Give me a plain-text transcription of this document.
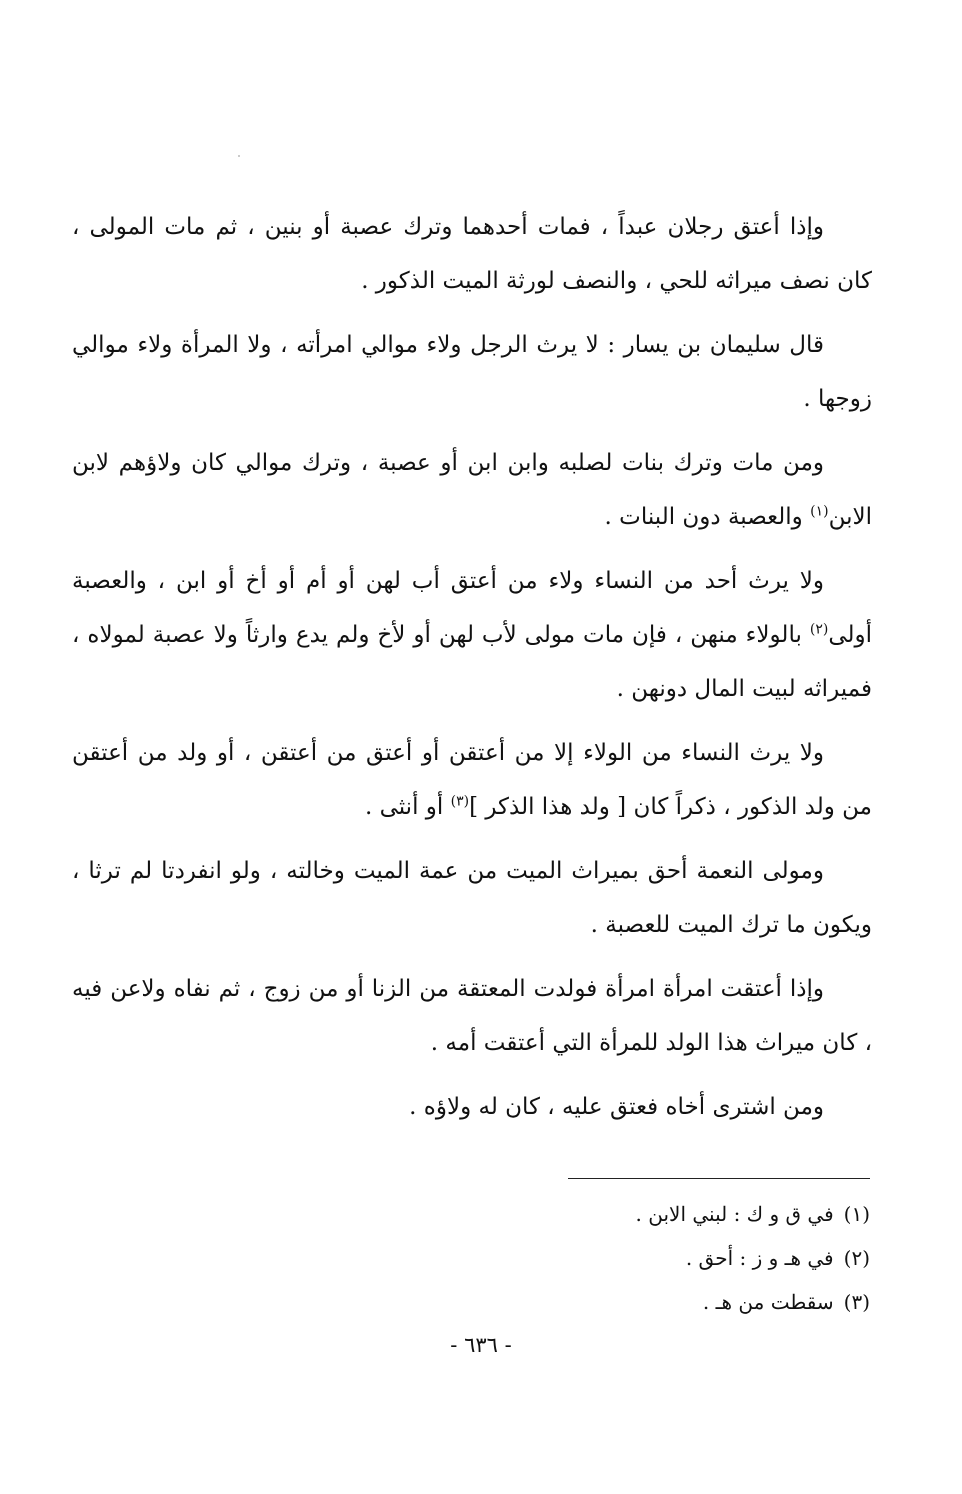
وإذا أعتق رجلان عبداً ، فمات أحدهما وترك عصبة أو بنين ، ثم مات المولى ، كان نصف ميراثه للحي ، والنصف لورثة الميت الذكور .

قال سليمان بن يسار : لا يرث الرجل ولاء موالي امرأته ، ولا المرأة ولاء موالي زوجها .

ومن مات وترك بنات لصلبه وابن ابن أو عصبة ، وترك موالي كان ولاؤهم لابن الابن$^{(١)}$ والعصبة دون البنات .

ولا يرث أحد من النساء ولاء من أعتق أب لهن أو أم أو أخ أو ابن ، والعصبة أولى$^{(٢)}$ بالولاء منهن ، فإن مات مولى لأب لهن أو لأخ ولم يدع وارثاً ولا عصبة لمولاه ، فميراثه لبيت المال دونهن .

ولا يرث النساء من الولاء إلا من أعتقن أو أعتق من أعتقن ، أو ولد من أعتقن من ولد الذكور ، ذكراً كان [ ولد هذا الذكر ]$^{(٣)}$ أو أنثى .

ومولى النعمة أحق بميراث الميت من عمة الميت وخالته ، ولو انفردتا لم ترثا ، ويكون ما ترك الميت للعصبة .

وإذا أعتقت امرأة امرأة فولدت المعتقة من الزنا أو من زوج ، ثم نفاه ولاعن فيه ، كان ميراث هذا الولد للمرأة التي أعتقت أمه .

ومن اشترى أخاه فعتق عليه ، كان له ولاؤه .

(١)في ق و ك : لبني الابن .
(٢)في هـ و ز : أحق .
(٣)سقطت من هـ .
- ٦٣٦ -
